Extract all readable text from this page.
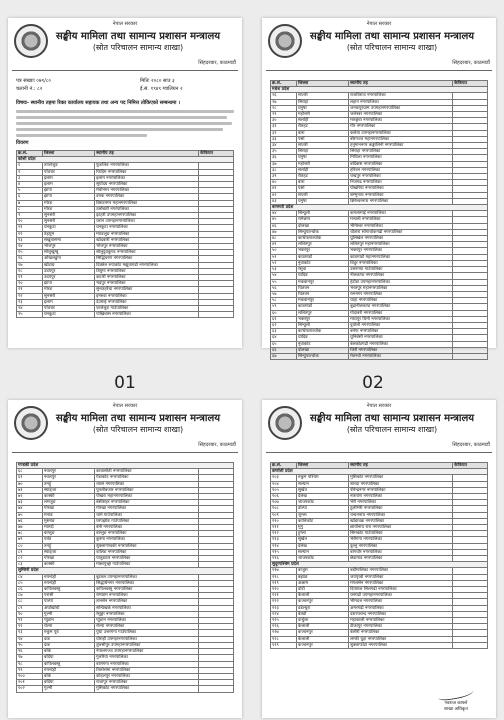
नेपाल सरकार
सङ्घीय मामिला तथा सामान्य प्रशासन मन्त्रालय
(स्रोत परिचालन सामान्य शाखा)
सिंहदरबार, काठमाडौं
पत्र संख्याः ०७९/८०
चलानी नं.: ८२
मितिः २०८० साउ ३
ई.सं. १९४९ ग्वालियन २
विषयः- स्थानीय तहमा रिक्त कार्यालय सहायक तथा अन्य पद निमित्त तोकिएको सम्बन्धमा ।
विवरण
क्र.सं.	जिल्ला	स्थानीय तह	कैफियत
कोशी प्रदेश			
१	ताप्लेजुङ	फुङलिङ नगरपालिका	
२	पाँचथर	फिदिम नगरपालिका	
३	इलाम	इलाम नगरपालिका	
४	इलाम	सूर्योदय नगरपालिका	
५	झापा	मेचीनगर नगरपालिका	
६	झापा	दमक नगरपालिका	
७	मोरङ	बिराटनगर महानगरपालिका	
८	मोरङ	उर्लाबारी नगरपालिका	
९	सुनसरी	इटहरी उपमहानगरपालिका	
१०	सुनसरी	धरान उपमहानगरपालिका	
११	धनकुटा	धनकुटा नगरपालिका	
१२	तेह्रथुम	म्याङलुङ नगरपालिका	
१३	संखुवासभा	खाँदबारी नगरपालिका	
१४	भोजपुर	भोजपुर नगरपालिका	
१५	सोलुखुम्बु	सोलुदुधकुण्ड नगरपालिका	
१६	ओखलढुंगा	सिद्धिचरण नगरपालिका	
१७	खोटाङ	दिक्तेल रुपाकोट मझुवागढी नगरपालिका	
१८	उदयपुर	त्रियुगा नगरपालिका	
१९	उदयपुर	कटारी नगरपालिका	
२०	झापा	भद्रपुर नगरपालिका	
२१	मोरङ	सुन्दरहरैंचा नगरपालिका	
२२	सुनसरी	इनरुवा नगरपालिका	
२३	इलाम	देउमाई नगरपालिका	
२४	पाँचथर	फालेलुङ गाउँपालिका	
२५	धनकुटा	पाख्रिबास नगरपालिका	
नेपाल सरकार
सङ्घीय मामिला तथा सामान्य प्रशासन मन्त्रालय
(स्रोत परिचालन सामान्य शाखा)
सिंहदरबार, काठमाडौं
क्र.सं.	जिल्ला	स्थानीय तह	कैफियत
मधेश प्रदेश			
२६	सप्तरी	राजविराज नगरपालिका	
२७	सिराहा	लहान नगरपालिका	
२८	धनुषा	जनकपुरधाम उपमहानगरपालिका	
२९	महोत्तरी	जलेश्वर नगरपालिका	
३०	सर्लाही	मलङ्गवा नगरपालिका	
३१	रौतहट	गौर नगरपालिका	
३२	बारा	कलैया उपमहानगरपालिका	
३३	पर्सा	बीरगञ्ज महानगरपालिका	
३४	सप्तरी	हनुमाननगर कङ्कालिनी नगरपालिका	
३५	सिराहा	सिराहा नगरपालिका	
३६	धनुषा	मिथिला नगरपालिका	
३७	महोत्तरी	बर्दिबास नगरपालिका	
३८	सर्लाही	हरिवन नगरपालिका	
३९	रौतहट	चन्द्रपुर नगरपालिका	
४०	बारा	निजगढ नगरपालिका	
४१	पर्सा	पोखरिया नगरपालिका	
४२	सप्तरी	शम्भुनाथ नगरपालिका	
४३	धनुषा	क्षिरेश्वरनाथ नगरपालिका	
बागमती प्रदेश			
४४	सिन्धुली	कमलामाई नगरपालिका	
४५	रामेछाप	मन्थली नगरपालिका	
४६	दोलखा	भीमेश्वर नगरपालिका	
४७	सिन्धुपाल्चोक	चौतारा साँगाचोकगढी नगरपालिका	
४८	काभ्रेपलाञ्चोक	धुलिखेल नगरपालिका	
४९	ललितपुर	ललितपुर महानगरपालिका	
५०	भक्तपुर	भक्तपुर नगरपालिका	
५१	काठमाडौं	काठमाडौं महानगरपालिका	
५२	नुवाकोट	विदुर नगरपालिका	
५३	रसुवा	उत्तरगया गाउँपालिका	
५४	धादिङ	नीलकण्ठ नगरपालिका	
५५	मकवानपुर	हेटौंडा उपमहानगरपालिका	
५६	चितवन	भरतपुर महानगरपालिका	
५७	चितवन	रत्ननगर नगरपालिका	
५८	मकवानपुर	थाहा नगरपालिका	
५९	काठमाडौं	बुढानीलकण्ठ नगरपालिका	
६०	ललितपुर	गोदावरी नगरपालिका	
६१	भक्तपुर	मध्यपुर थिमी नगरपालिका	
६२	सिन्धुली	दुधौली नगरपालिका	
६३	काभ्रेपलाञ्चोक	बनेपा नगरपालिका	
६४	धादिङ	धुनिबेंसी नगरपालिका	
६५	नुवाकोट	बेलकोटगढी नगरपालिका	
६६	दोलखा	जिरी नगरपालिका	
६७	सिन्धुपाल्चोक	मेलम्ची नगरपालिका	
01	02
नेपाल सरकार
सङ्घीय मामिला तथा सामान्य प्रशासन मन्त्रालय
(स्रोत परिचालन सामान्य शाखा)
सिंहदरबार, काठमाडौं
गण्डकी प्रदेश			
६८	नवलपुर	कावासोती नगरपालिका	
६९	नवलपुर	गैंडाकोट नगरपालिका	
७०	तनहुँ	व्यास नगरपालिका	
७१	स्याङ्जा	पुतलीबजार नगरपालिका	
७२	कास्की	पोखरा महानगरपालिका	
७३	लमजुङ	बेसीशहर नगरपालिका	
७४	गोरखा	गोरखा नगरपालिका	
७५	मनाङ	चामे गाउँपालिका	
७६	मुस्ताङ	घरपझोङ गाउँपालिका	
७७	म्याग्दी	बेनी नगरपालिका	
७८	बाग्लुङ	बाग्लुङ नगरपालिका	
७९	पर्वत	कुश्मा नगरपालिका	
८०	तनहुँ	शुक्लागण्डकी नगरपालिका	
८१	स्याङ्जा	वालिङ नगरपालिका	
८२	गोरखा	पालुङटार नगरपालिका	
८३	कास्की	माछापुच्छ्रे गाउँपालिका	
लुम्बिनी प्रदेश			
८४	रुपन्देही	बुटवल उपमहानगरपालिका	
८५	रुपन्देही	सिद्धार्थनगर नगरपालिका	
८६	कपिलवस्तु	कपिलवस्तु नगरपालिका	
८७	परासी	रामग्राम नगरपालिका	
८८	पाल्पा	तानसेन नगरपालिका	
८९	अर्घाखाँची	सन्धिखर्क नगरपालिका	
९०	गुल्मी	रेसुङ्गा नगरपालिका	
९१	प्युठान	प्युठान नगरपालिका	
९२	रोल्पा	रोल्पा नगरपालिका	
९३	रुकुम पूर्व	पुथा उत्तरगंगा गाउँपालिका	
९४	दाङ	घोराही उपमहानगरपालिका	
९५	दाङ	तुलसीपुर उपमहानगरपालिका	
९६	बाँके	नेपालगञ्ज उपमहानगरपालिका	
९७	बर्दिया	गुलरिया नगरपालिका	
९८	कपिलवस्तु	बाणगंगा नगरपालिका	
९९	रुपन्देही	तिलोत्तमा नगरपालिका	
१००	बाँके	कोहलपुर नगरपालिका	
१०१	बर्दिया	राजापुर नगरपालिका	
१०२	गुल्मी	मुसिकोट नगरपालिका	
नेपाल सरकार
सङ्घीय मामिला तथा सामान्य प्रशासन मन्त्रालय
(स्रोत परिचालन सामान्य शाखा)
सिंहदरबार, काठमाडौं
क्र.सं.	जिल्ला	स्थानीय तह	कैफियत
कर्णाली प्रदेश			
१०३	रुकुम पश्चिम	मुसिकोट नगरपालिका	
१०४	सल्यान	शारदा नगरपालिका	
१०५	सुर्खेत	वीरेन्द्रनगर नगरपालिका	
१०६	दैलेख	नारायण नगरपालिका	
१०७	जाजरकोट	भेरी नगरपालिका	
१०८	डोल्पा	ठुलीभेरी नगरपालिका	
१०९	जुम्ला	चन्दननाथ नगरपालिका	
११०	कालिकोट	खाँडाचक्र नगरपालिका	
१११	मुगु	छायाँनाथ रारा नगरपालिका	
११२	हुम्ला	सिमकोट गाउँपालिका	
११३	सुर्खेत	भेरीगंगा नगरपालिका	
११४	दैलेख	दुल्लु नगरपालिका	
११५	सल्यान	बागचौर नगरपालिका	
११६	जाजरकोट	छेडागाड नगरपालिका	
सुदूरपश्चिम प्रदेश			
११७	बाजुरा	बडीमालिका नगरपालिका	
११८	बझाङ	जयपृथ्वी नगरपालिका	
११९	अछाम	मंगलसेन नगरपालिका	
१२०	डोटी	दिपायल सिलगढी नगरपालिका	
१२१	कैलाली	धनगढी उपमहानगरपालिका	
१२२	कञ्चनपुर	भीमदत्त नगरपालिका	
१२३	डडेल्धुरा	अमरगढी नगरपालिका	
१२४	बैतडी	दशरथचन्द नगरपालिका	
१२५	दार्चुला	महाकाली नगरपालिका	
१२६	कैलाली	टीकापुर नगरपालिका	
१२७	कञ्चनपुर	बेलौरी नगरपालिका	
१२८	कैलाली	लम्की चुहा नगरपालिका	
१२९	कञ्चनपुर	शुक्लाफाँटा नगरपालिका	
नवराज काफ्ले
शाखा अधिकृत
